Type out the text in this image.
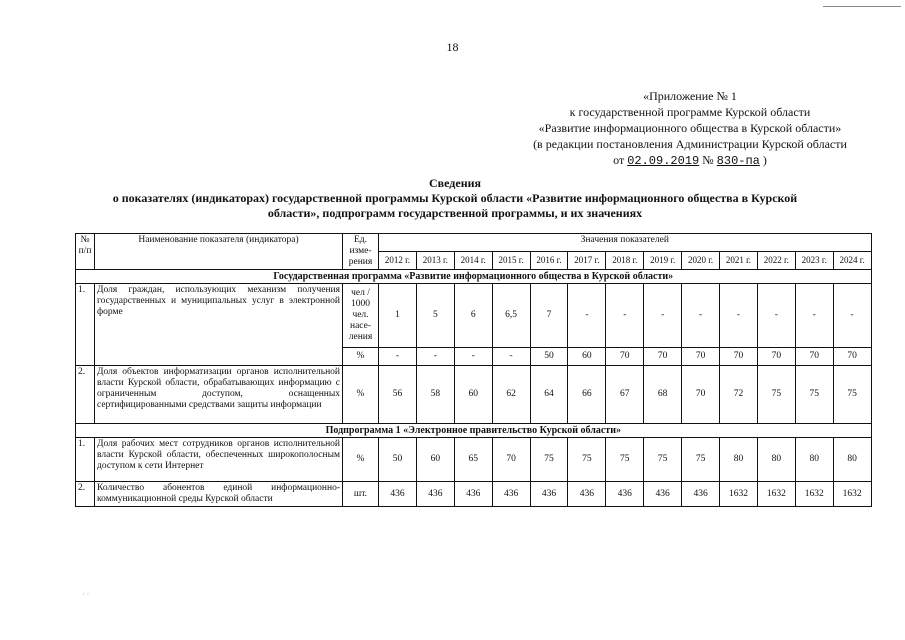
18
«Приложение № 1
к государственной программе Курской области
«Развитие информационного общества в Курской области»
(в редакции постановления Администрации Курской области
от 02.09.2019 № 830-па )
Сведения
о показателях (индикаторах) государственной программы Курской области «Развитие информационного общества в Курской
области», подпрограмм государственной программы, и их значениях
№ п/п	Наименование показателя (индикатора)	Ед. изме- рения	Значения показателей												
			2012 г.	2013 г.	2014 г.	2015 г.	2016 г.	2017 г.	2018 г.	2019 г.	2020 г.	2021 г.	2022 г.	2023 г.	2024 г.
Государственная программа «Развитие информационного общества в Курской области»															
1.	Доля граждан, использующих механизм получения государственных и муниципальных услуг в электронной форме	чел / 1000 чел. насе- ления	1	5	6	6,5	7	-	-	-	-	-	-	-	-
		%	-	-	-	-	50	60	70	70	70	70	70	70	70
2.	Доля объектов информатизации органов исполнительной власти Курской области, обрабатывающих информацию с ограниченным доступом, оснащенных сертифицированными средствами защиты информации	%	56	58	60	62	64	66	67	68	70	72	75	75	75
Подпрограмма 1 «Электронное правительство Курской области»															
1.	Доля рабочих мест сотрудников органов исполнительной власти Курской области, обеспеченных широкополосным доступом к сети Интернет	%	50	60	65	70	75	75	75	75	75	80	80	80	80
2.	Количество абонентов единой информационно-коммуникационной среды Курской области	шт.	436	436	436	436	436	436	436	436	436	1632	1632	1632	1632
· ·
